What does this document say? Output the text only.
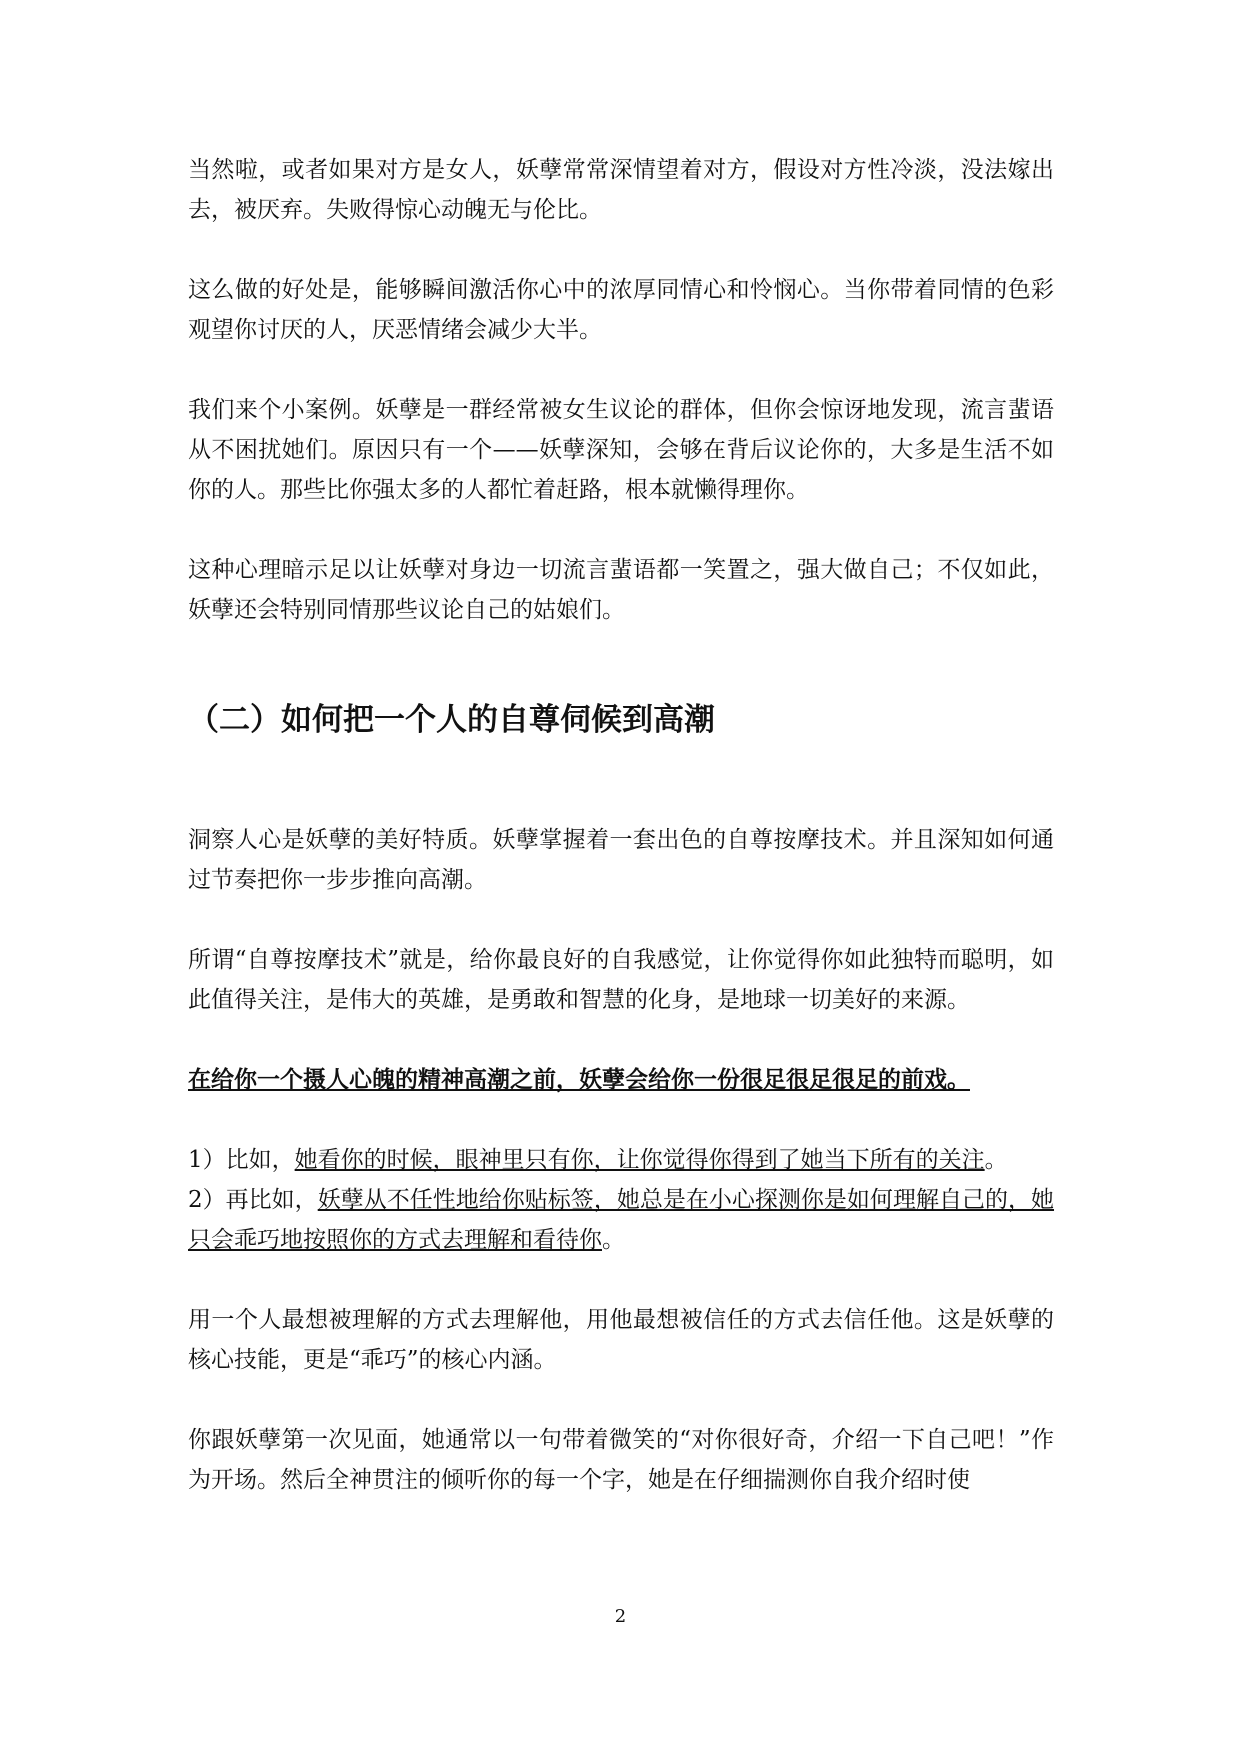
当然啦，或者如果对方是女人，妖孽常常深情望着对方，假设对方性冷淡，没法嫁出去，被厌弃。失败得惊心动魄无与伦比。

这么做的好处是，能够瞬间激活你心中的浓厚同情心和怜悯心。当你带着同情的色彩观望你讨厌的人，厌恶情绪会减少大半。

我们来个小案例。妖孽是一群经常被女生议论的群体，但你会惊讶地发现，流言蜚语从不困扰她们。原因只有一个——妖孽深知，会够在背后议论你的，大多是生活不如你的人。那些比你强太多的人都忙着赶路，根本就懒得理你。

这种心理暗示足以让妖孽对身边一切流言蜚语都一笑置之，强大做自己；不仅如此，妖孽还会特别同情那些议论自己的姑娘们。

（二）如何把一个人的自尊伺候到高潮

洞察人心是妖孽的美好特质。妖孽掌握着一套出色的自尊按摩技术。并且深知如何通过节奏把你一步步推向高潮。

所谓“自尊按摩技术”就是，给你最良好的自我感觉，让你觉得你如此独特而聪明，如此值得关注，是伟大的英雄，是勇敢和智慧的化身，是地球一切美好的来源。

在给你一个摄人心魄的精神高潮之前，妖孽会给你一份很足很足很足的前戏。

1）比如，她看你的时候，眼神里只有你，让你觉得你得到了她当下所有的关注。

2）再比如，妖孽从不任性地给你贴标签，她总是在小心探测你是如何理解自己的，她只会乖巧地按照你的方式去理解和看待你。

用一个人最想被理解的方式去理解他，用他最想被信任的方式去信任他。这是妖孽的核心技能，更是“乖巧”的核心内涵。

你跟妖孽第一次见面，她通常以一句带着微笑的“对你很好奇，介绍一下自己吧！”作为开场。然后全神贯注的倾听你的每一个字，她是在仔细揣测你自我介绍时使

2
